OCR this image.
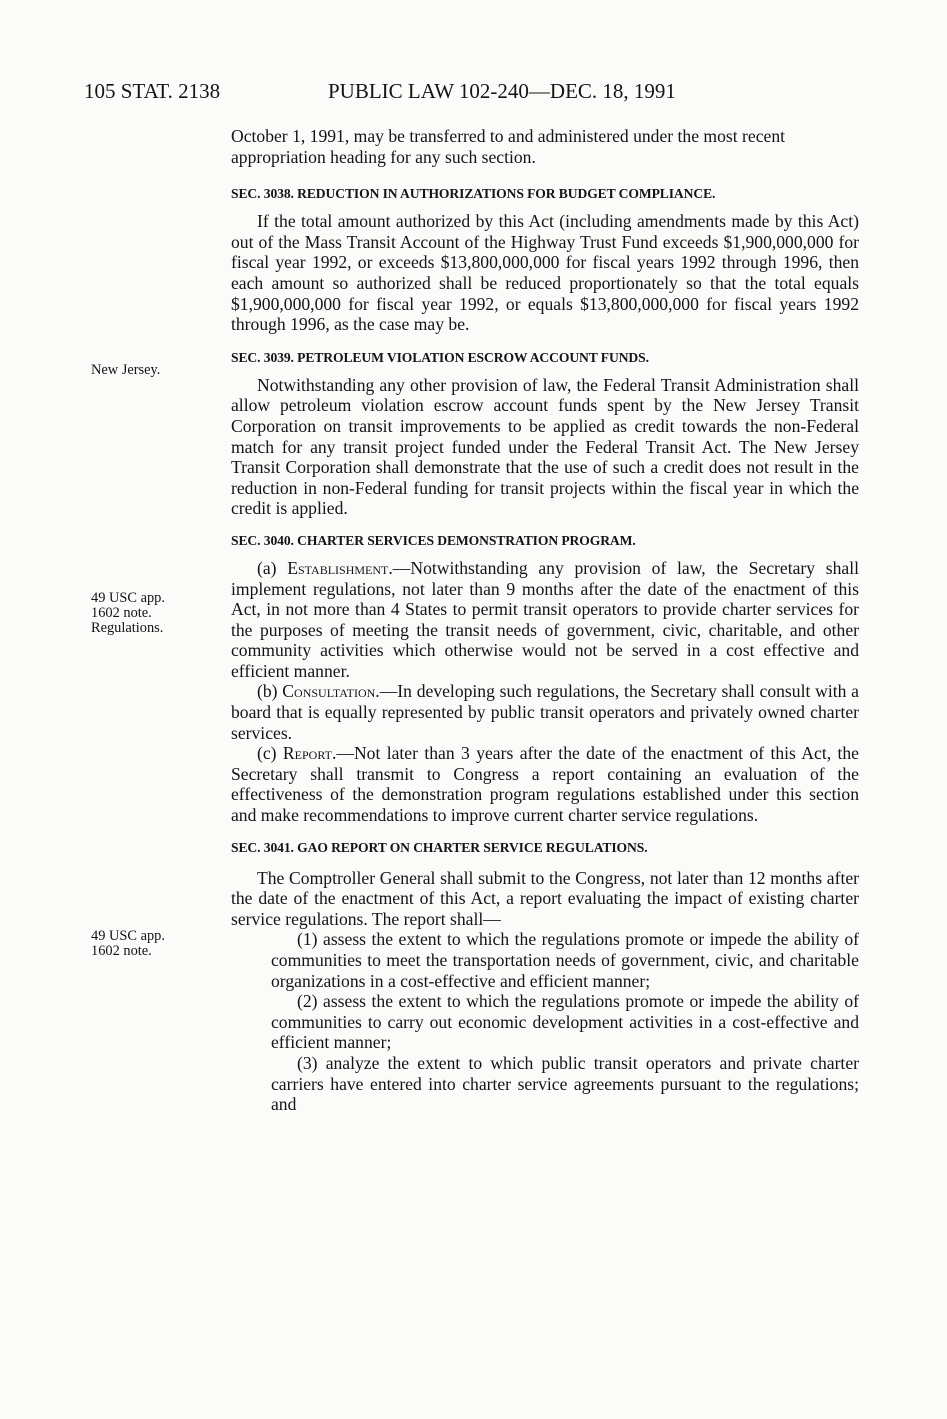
105 STAT. 2138	PUBLIC LAW 102-240—DEC. 18, 1991
New Jersey.
49 USC app.
1602 note.
Regulations.
49 USC app.
1602 note.

October 1, 1991, may be transferred to and administered under the most recent appropriation heading for any such section.

SEC. 3038. REDUCTION IN AUTHORIZATIONS FOR BUDGET COMPLIANCE.

If the total amount authorized by this Act (including amendments made by this Act) out of the Mass Transit Account of the Highway Trust Fund exceeds $1,900,000,000 for fiscal year 1992, or exceeds $13,800,000,000 for fiscal years 1992 through 1996, then each amount so authorized shall be reduced proportionately so that the total equals $1,900,000,000 for fiscal year 1992, or equals $13,800,000,000 for fiscal years 1992 through 1996, as the case may be.

SEC. 3039. PETROLEUM VIOLATION ESCROW ACCOUNT FUNDS.

Notwithstanding any other provision of law, the Federal Transit Administration shall allow petroleum violation escrow account funds spent by the New Jersey Transit Corporation on transit improvements to be applied as credit towards the non-Federal match for any transit project funded under the Federal Transit Act. The New Jersey Transit Corporation shall demonstrate that the use of such a credit does not result in the reduction in non-Federal funding for transit projects within the fiscal year in which the credit is applied.

SEC. 3040. CHARTER SERVICES DEMONSTRATION PROGRAM.

(a) Establishment.—Notwithstanding any provision of law, the Secretary shall implement regulations, not later than 9 months after the date of the enactment of this Act, in not more than 4 States to permit transit operators to provide charter services for the purposes of meeting the transit needs of government, civic, charitable, and other community activities which otherwise would not be served in a cost effective and efficient manner.

(b) Consultation.—In developing such regulations, the Secretary shall consult with a board that is equally represented by public transit operators and privately owned charter services.

(c) Report.—Not later than 3 years after the date of the enactment of this Act, the Secretary shall transmit to Congress a report containing an evaluation of the effectiveness of the demonstration program regulations established under this section and make recommendations to improve current charter service regulations.

SEC. 3041. GAO REPORT ON CHARTER SERVICE REGULATIONS.

The Comptroller General shall submit to the Congress, not later than 12 months after the date of the enactment of this Act, a report evaluating the impact of existing charter service regulations. The report shall—

(1) assess the extent to which the regulations promote or impede the ability of communities to meet the transportation needs of government, civic, and charitable organizations in a cost-effective and efficient manner;

(2) assess the extent to which the regulations promote or impede the ability of communities to carry out economic development activities in a cost-effective and efficient manner;

(3) analyze the extent to which public transit operators and private charter carriers have entered into charter service agreements pursuant to the regulations; and
